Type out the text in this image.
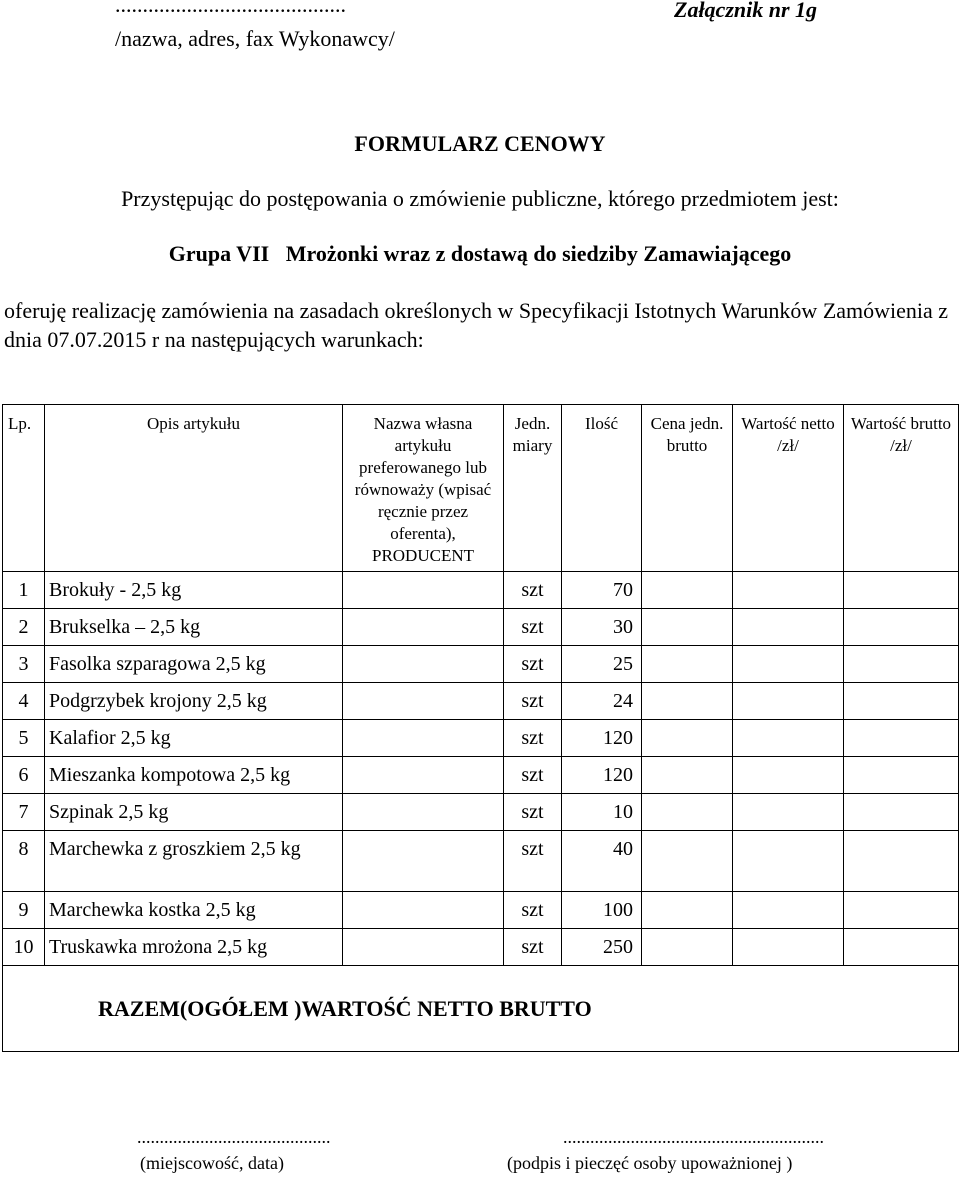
..........................................
/nazwa, adres, fax Wykonawcy/
Załącznik nr 1g
FORMULARZ CENOWY
Przystępując do postępowania o zmówienie publiczne, którego przedmiotem jest:
Grupa VII   Mrożonki wraz z dostawą do siedziby Zamawiającego
oferuję realizację zamówienia na zasadach określonych w Specyfikacji Istotnych Warunków Zamówienia z dnia 07.07.2015 r na następujących warunkach:
Lp.	Opis artykułu	Nazwa własna artykułu preferowanego lub równoważy (wpisać ręcznie przez oferenta), PRODUCENT	Jedn. miary	Ilość	Cena jedn. brutto	Wartość netto /zł/	Wartość brutto /zł/
1	Brokuły - 2,5 kg		szt	70			
2	Brukselka – 2,5 kg		szt	30			
3	Fasolka szparagowa 2,5 kg		szt	25			
4	Podgrzybek krojony 2,5 kg		szt	24			
5	Kalafior 2,5 kg		szt	120			
6	Mieszanka kompotowa 2,5 kg		szt	120			
7	Szpinak 2,5 kg		szt	10			
8	Marchewka z groszkiem 2,5 kg		szt	40			
9	Marchewka kostka 2,5 kg		szt	100			
10	Truskawka mrożona 2,5 kg		szt	250			
RAZEM(OGÓŁEM )WARTOŚĆ NETTO BRUTTO							
...........................................
(miejscowość, data)
..........................................................
(podpis i pieczęć osoby upoważnionej )
